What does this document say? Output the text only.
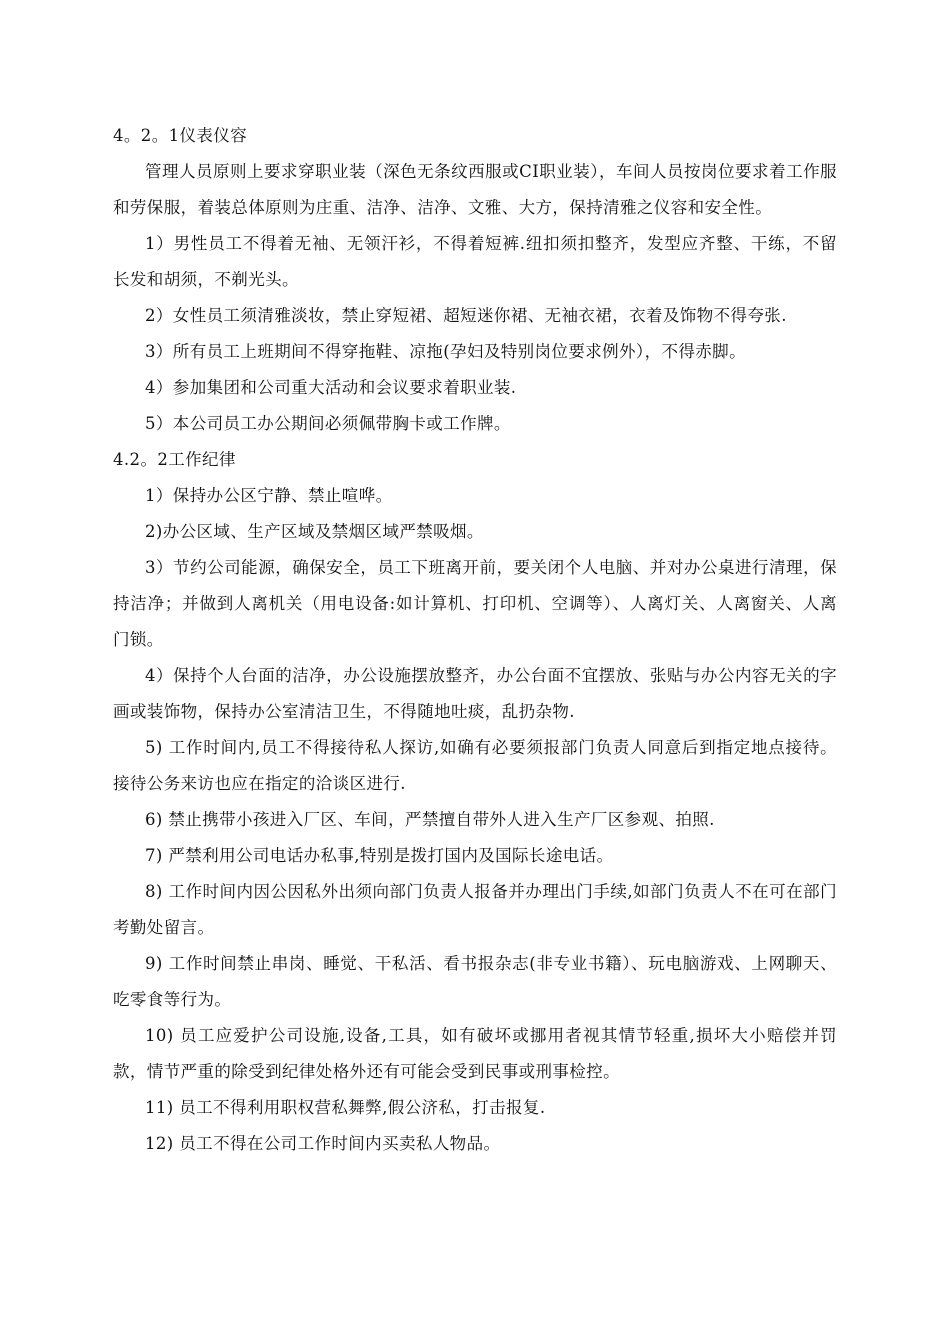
4。2。1仪表仪容

管理人员原则上要求穿职业装（深色无条纹西服或CI职业装），车间人员按岗位要求着工作服和劳保服，着装总体原则为庄重、洁净、洁净、文雅、大方，保持清雅之仪容和安全性。

1）男性员工不得着无袖、无领汗衫，不得着短裤.纽扣须扣整齐，发型应齐整、干练，不留长发和胡须，不剃光头。

2）女性员工须清雅淡妆，禁止穿短裙、超短迷你裙、无袖衣裙，衣着及饰物不得夸张.

3）所有员工上班期间不得穿拖鞋、凉拖(孕妇及特别岗位要求例外），不得赤脚。

4）参加集团和公司重大活动和会议要求着职业装.

5）本公司员工办公期间必须佩带胸卡或工作牌。

4.2。2工作纪律

1）保持办公区宁静、禁止喧哗。

2)办公区域、生产区域及禁烟区域严禁吸烟。

3）节约公司能源，确保安全，员工下班离开前，要关闭个人电脑、并对办公桌进行清理，保持洁净；并做到人离机关（用电设备:如计算机、打印机、空调等）、人离灯关、人离窗关、人离门锁。

4）保持个人台面的洁净，办公设施摆放整齐，办公台面不宜摆放、张贴与办公内容无关的字画或装饰物，保持办公室清洁卫生，不得随地吐痰，乱扔杂物.

5) 工作时间内,员工不得接待私人探访,如确有必要须报部门负责人同意后到指定地点接待。接待公务来访也应在指定的洽谈区进行.

6) 禁止携带小孩进入厂区、车间，严禁擅自带外人进入生产厂区参观、拍照.

7) 严禁利用公司电话办私事,特别是拨打国内及国际长途电话。

8) 工作时间内因公因私外出须向部门负责人报备并办理出门手续,如部门负责人不在可在部门考勤处留言。

9) 工作时间禁止串岗、睡觉、干私活、看书报杂志(非专业书籍）、玩电脑游戏、上网聊天、吃零食等行为。

10) 员工应爱护公司设施,设备,工具，如有破坏或挪用者视其情节轻重,损坏大小赔偿并罚款，情节严重的除受到纪律处格外还有可能会受到民事或刑事检控。

11) 员工不得利用职权营私舞弊,假公济私，打击报复.

12) 员工不得在公司工作时间内买卖私人物品。
